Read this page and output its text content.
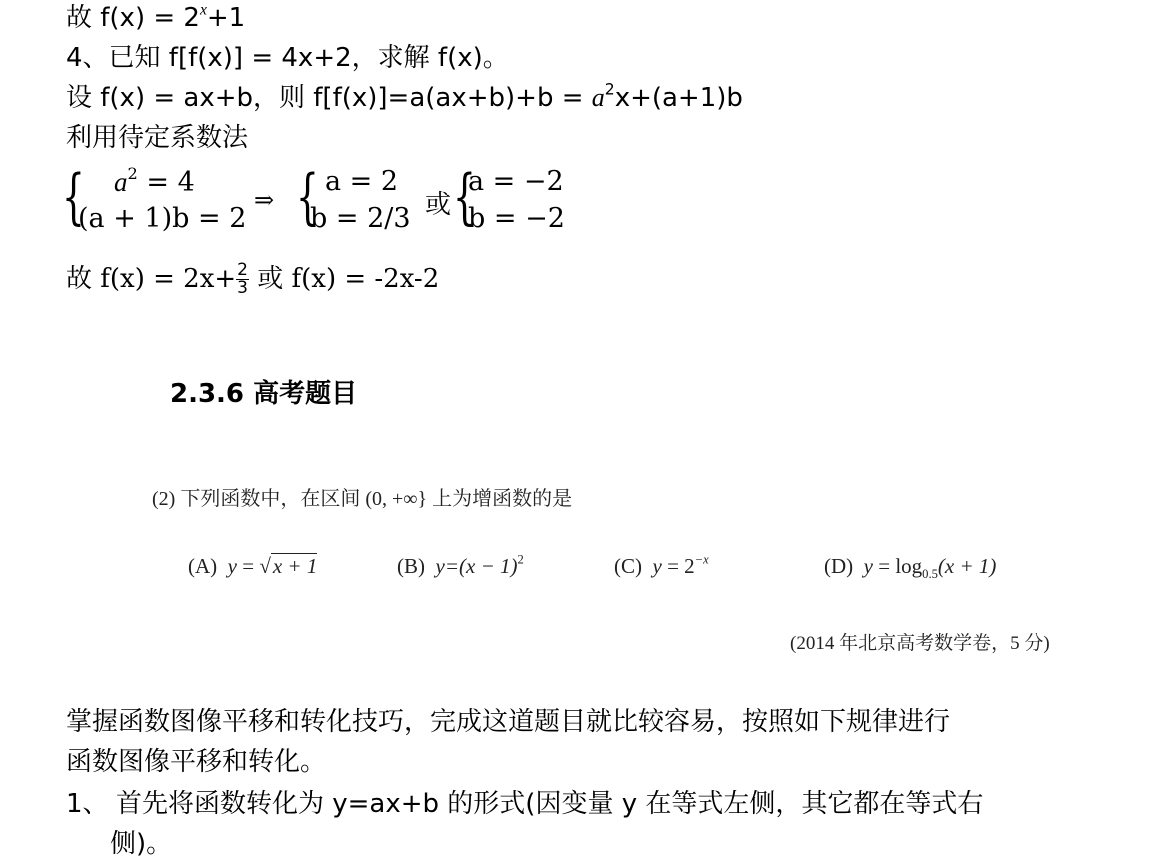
故 $f(x) = 2^x+1$
4、已知 f[f(x)] = 4x+2，求解 f(x)。
设 f(x) = ax+b，则 $f[f(x)]=a(ax+b)+b = a^2x+(a+1)b$
利用待定系数法
{ $a^2 = 4$
(a + 1)b = 2
⇒ { a = 2
b = 2/3 或 {
a = −2
b = −2
故 $f(x) = 2x+ \frac{2}{3}$ 或 f(x) = -2x-2
2.3.6 高考题目
(2) 下列函数中，在区间 (0, +∞} 上为增函数的是
(A) y = √x + 1	(B) $y=(x - 1)^2$	(C) $y = 2^{-x}$	(D) $y = \log_{0.5}(x + 1)$
(2014 年北京高考数学卷，5 分)
掌握函数图像平移和转化技巧，完成这道题目就比较容易，按照如下规律进行
函数图像平移和转化。
1、 首先将函数转化为 y=ax+b 的形式(因变量 y 在等式左侧，其它都在等式右
侧)。
